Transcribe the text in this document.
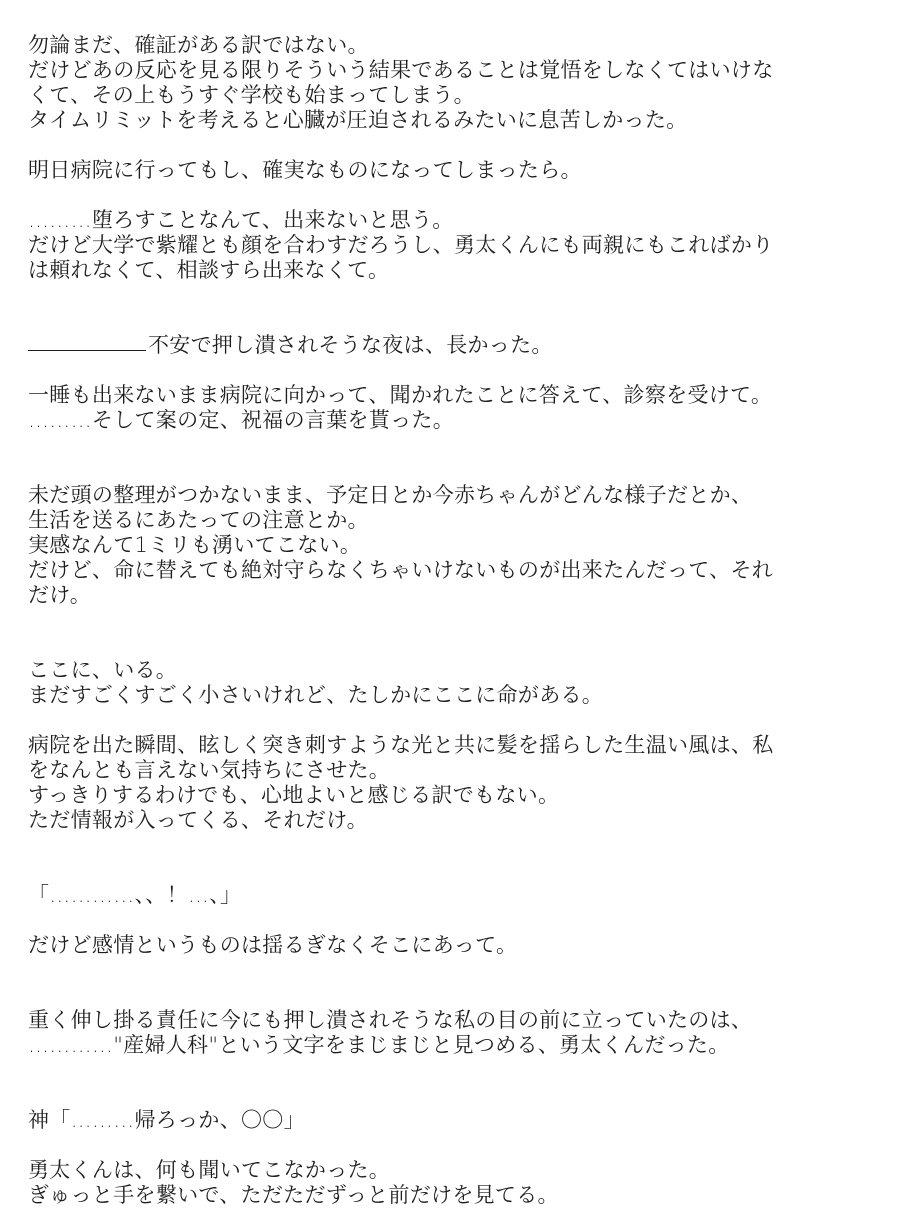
勿論まだ、確証がある訳ではない。
だけどあの反応を見る限りそういう結果であることは覚悟をしなくてはいけな
くて、その上もうすぐ学校も始まってしまう。
タイムリミットを考えると心臓が圧迫されるみたいに息苦しかった。
明日病院に行ってもし、確実なものになってしまったら。
………堕ろすことなんて、出来ないと思う。
だけど大学で紫耀とも顔を合わすだろうし、勇太くんにも両親にもこればかり
は頼れなくて、相談すら出来なくて。
不安で押し潰されそうな夜は、長かった。
一睡も出来ないまま病院に向かって、聞かれたことに答えて、診察を受けて。
………そして案の定、祝福の言葉を貰った。
未だ頭の整理がつかないまま、予定日とか今赤ちゃんがどんな様子だとか、
生活を送るにあたっての注意とか。
実感なんて1ミリも湧いてこない。
だけど、命に替えても絶対守らなくちゃいけないものが出来たんだって、それ
だけ。
ここに、いる。
まだすごくすごく小さいけれど、たしかにここに命がある。
病院を出た瞬間、眩しく突き刺すような光と共に髪を揺らした生温い風は、私
をなんとも言えない気持ちにさせた。
すっきりするわけでも、心地よいと感じる訳でもない。
ただ情報が入ってくる、それだけ。
「…………、、！…、」
だけど感情というものは揺るぎなくそこにあって。
重く伸し掛る責任に今にも押し潰されそうな私の目の前に立っていたのは、
…………"産婦人科"という文字をまじまじと見つめる、勇太くんだった。
神「………帰ろっか、〇〇」
勇太くんは、何も聞いてこなかった。
ぎゅっと手を繋いで、ただただずっと前だけを見てる。
